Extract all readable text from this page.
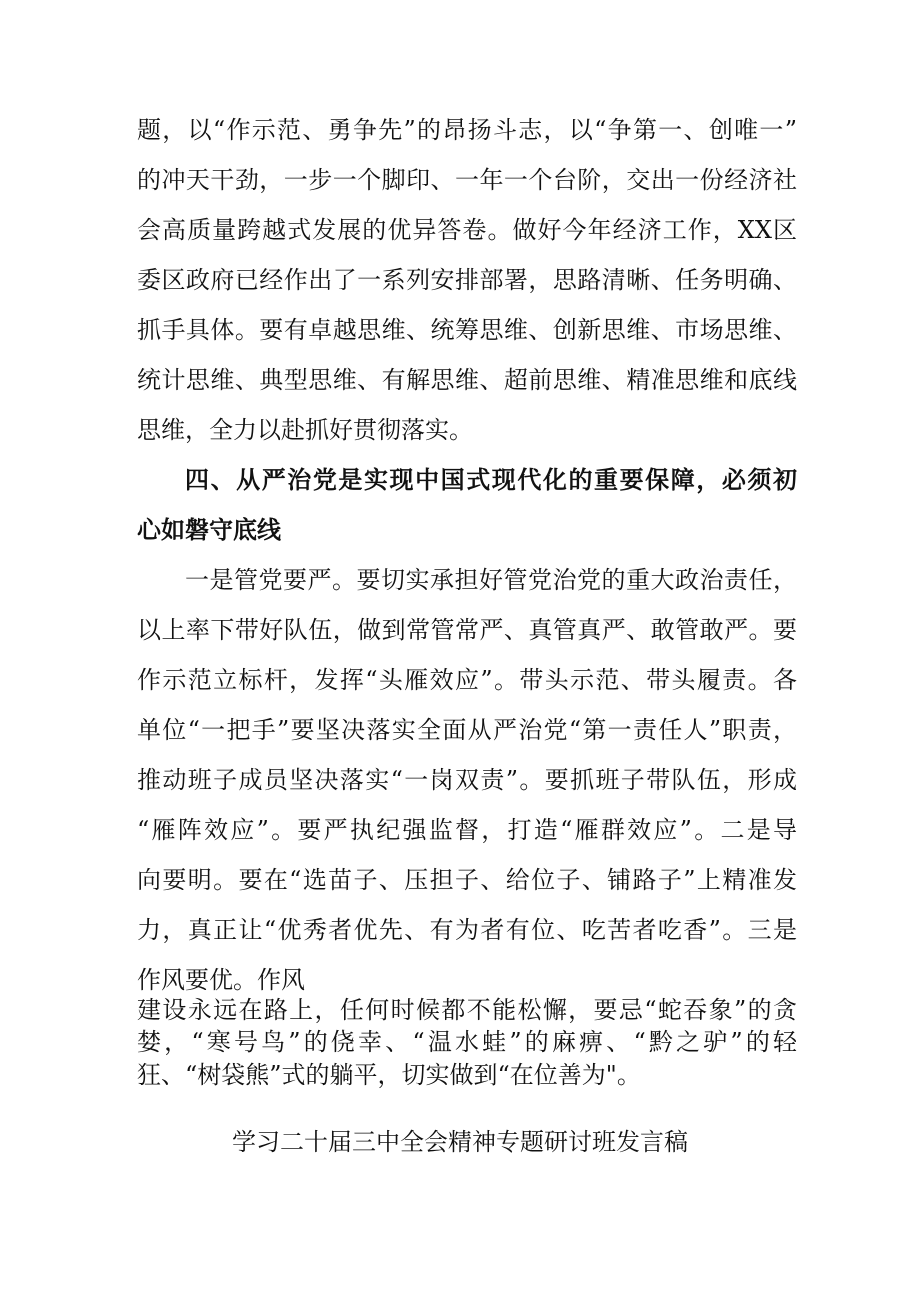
题，以“作示范、勇争先”的昂扬斗志，以“争第一、创唯一”
的冲天干劲，一步一个脚印、一年一个台阶，交出一份经济社
会高质量跨越式发展的优异答卷。做好今年经济工作，XX区
委区政府已经作出了一系列安排部署，思路清晰、任务明确、
抓手具体。要有卓越思维、统筹思维、创新思维、市场思维、
统计思维、典型思维、有解思维、超前思维、精准思维和底线
思维，全力以赴抓好贯彻落实。
四、从严治党是实现中国式现代化的重要保障，必须初
心如磐守底线
一是管党要严。要切实承担好管党治党的重大政治责任，
以上率下带好队伍，做到常管常严、真管真严、敢管敢严。要
作示范立标杆，发挥“头雁效应”。带头示范、带头履责。各
单位“一把手”要坚决落实全面从严治党“第一责任人”职责，
推动班子成员坚决落实“一岗双责”。要抓班子带队伍，形成
“雁阵效应”。要严执纪强监督，打造“雁群效应”。二是导
向要明。要在“选苗子、压担子、给位子、铺路子”上精准发
力，真正让“优秀者优先、有为者有位、吃苦者吃香”。三是
作风要优。作风
建设永远在路上，任何时候都不能松懈，要忌“蛇吞象”的贪
婪，“寒号鸟”的侥幸、“温水蛙”的麻痹、“黔之驴”的轻
狂、“树袋熊”式的躺平，切实做到“在位善为"。
学习二十届三中全会精神专题研讨班发言稿
